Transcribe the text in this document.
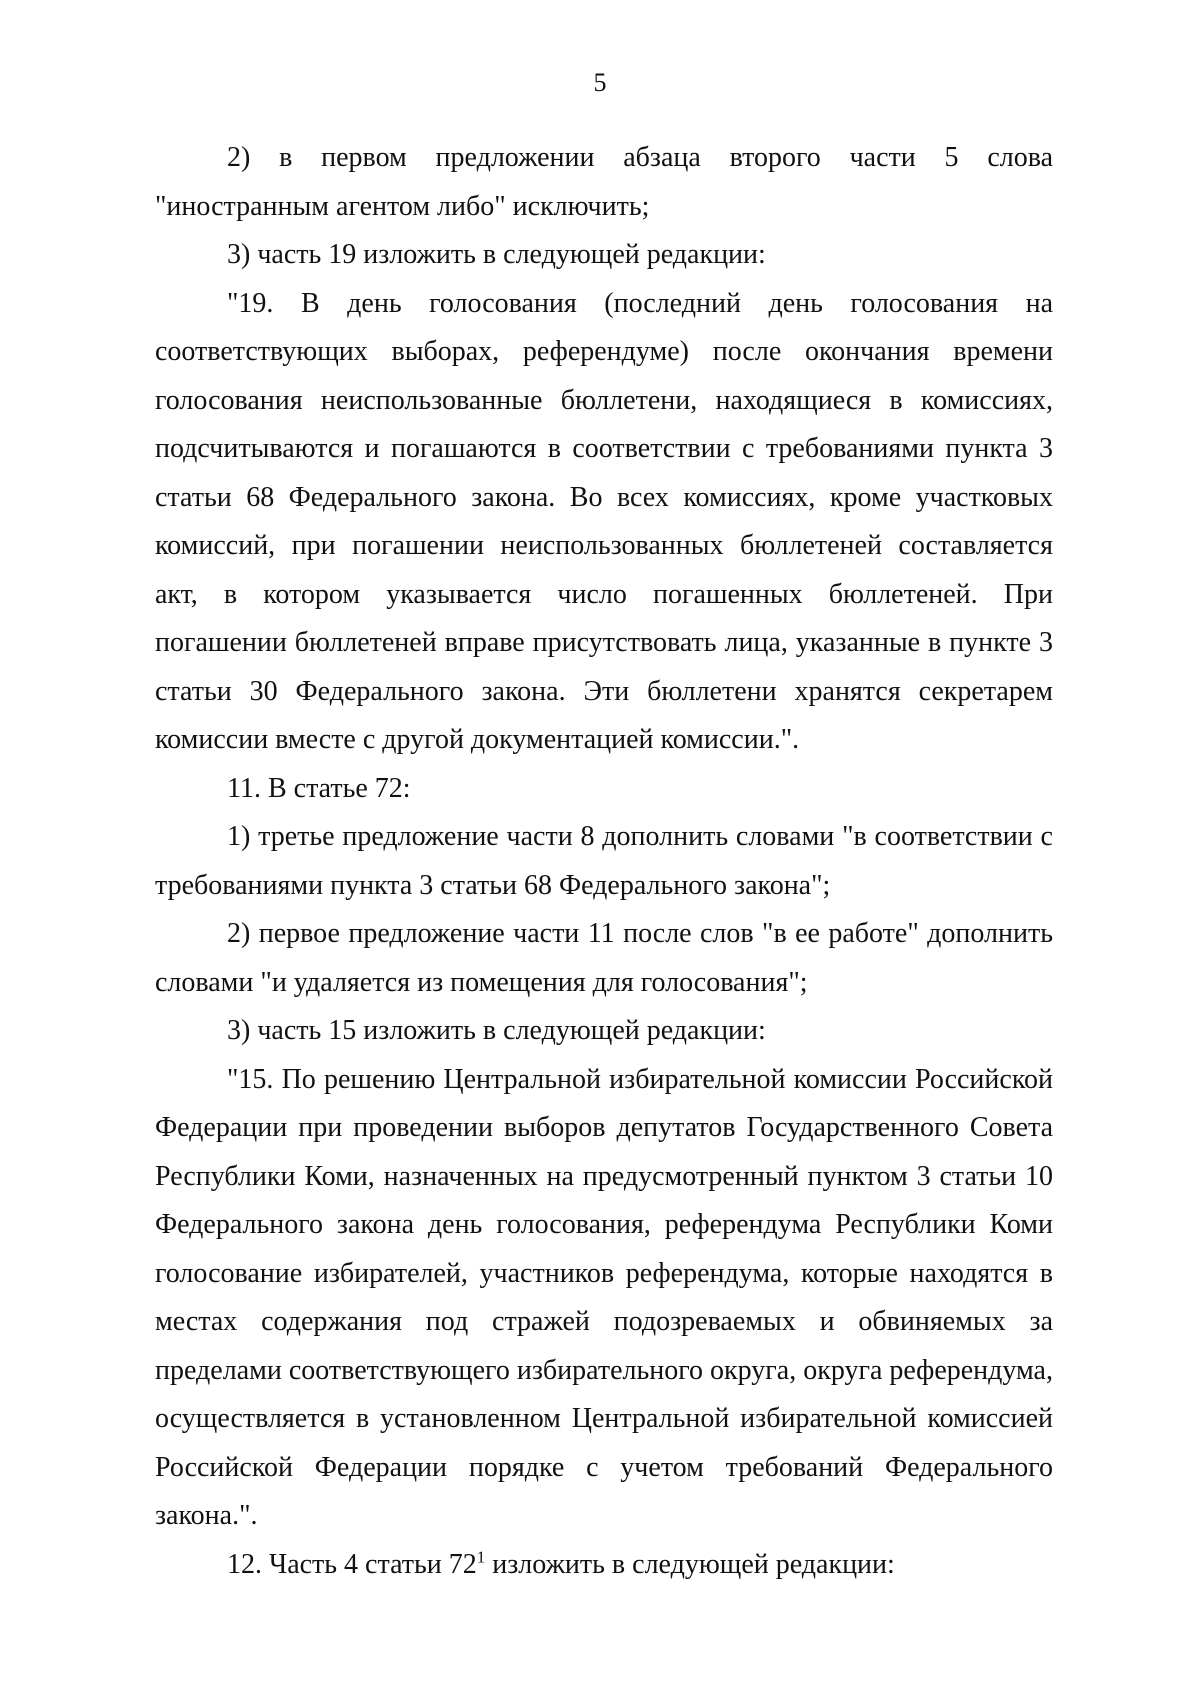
5

2) в первом предложении абзаца второго части 5 слова "иностранным агентом либо" исключить;

3) часть 19 изложить в следующей редакции:

"19. В день голосования (последний день голосования на соответствующих выборах, референдуме) после окончания времени голосования неиспользованные бюллетени, находящиеся в комиссиях, подсчитываются и погашаются в соответствии с требованиями пункта 3 статьи 68 Федерального закона. Во всех комиссиях, кроме участковых комиссий, при погашении неиспользованных бюллетеней составляется акт, в котором указывается число погашенных бюллетеней. При погашении бюллетеней вправе присутствовать лица, указанные в пункте 3 статьи 30 Федерального закона. Эти бюллетени хранятся секретарем комиссии вместе с другой документацией комиссии.".

11. В статье 72:

1) третье предложение части 8 дополнить словами "в соответствии с требованиями пункта 3 статьи 68 Федерального закона";

2) первое предложение части 11 после слов "в ее работе" дополнить словами "и удаляется из помещения для голосования";

3) часть 15 изложить в следующей редакции:

"15. По решению Центральной избирательной комиссии Российской Федерации при проведении выборов депутатов Государственного Совета Республики Коми, назначенных на предусмотренный пунктом 3 статьи 10 Федерального закона день голосования, референдума Республики Коми голосование избирателей, участников референдума, которые находятся в местах содержания под стражей подозреваемых и обвиняемых за пределами соответствующего избирательного округа, округа референдума, осуществляется в установленном Центральной избирательной комиссией Российской Федерации порядке с учетом требований Федерального закона.".

12. Часть 4 статьи $72^1$ изложить в следующей редакции:
